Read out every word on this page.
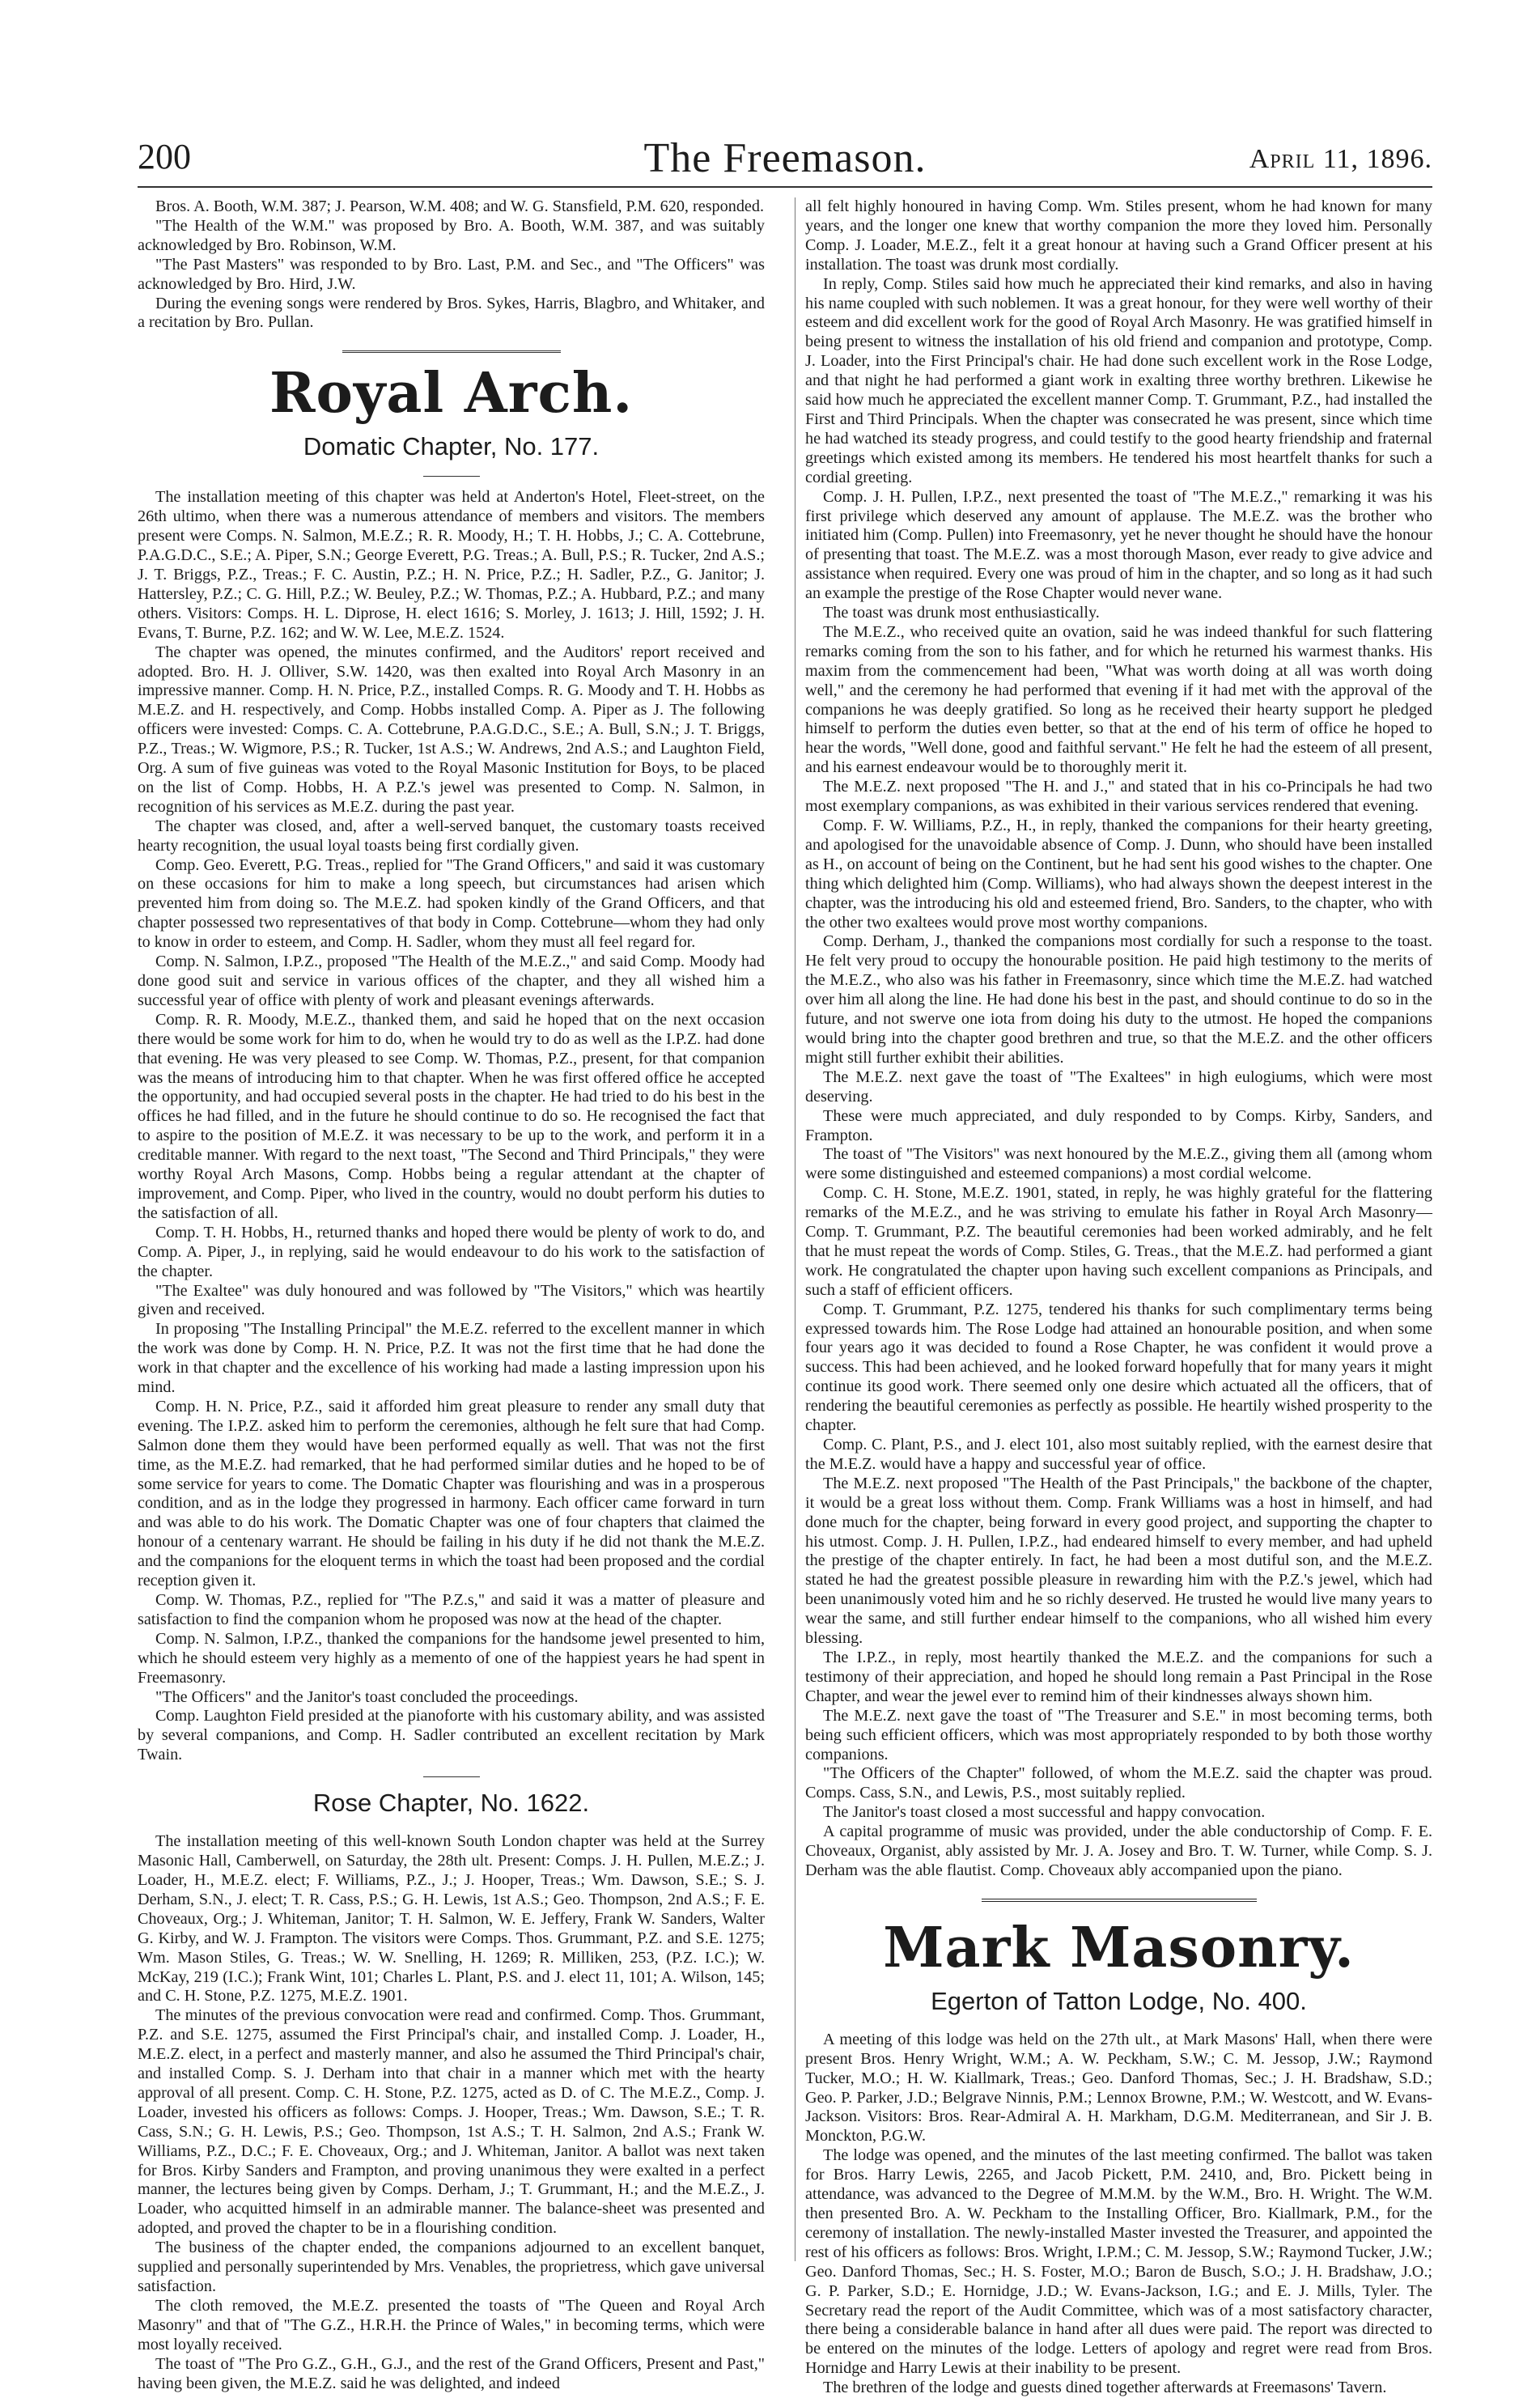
200	The Freemason.	April 11, 1896.

Bros. A. Booth, W.M. 387; J. Pearson, W.M. 408; and W. G. Stansfield, P.M. 620, responded.

"The Health of the W.M." was proposed by Bro. A. Booth, W.M. 387, and was suitably acknowledged by Bro. Robinson, W.M.

"The Past Masters" was responded to by Bro. Last, P.M. and Sec., and "The Officers" was acknowledged by Bro. Hird, J.W.

During the evening songs were rendered by Bros. Sykes, Harris, Blagbro, and Whitaker, and a recitation by Bro. Pullan.

Royal Arch.
Domatic Chapter, No. 177.

The installation meeting of this chapter was held at Anderton's Hotel, Fleet-street, on the 26th ultimo, when there was a numerous attendance of members and visitors. The members present were Comps. N. Salmon, M.E.Z.; R. R. Moody, H.; T. H. Hobbs, J.; C. A. Cottebrune, P.A.G.D.C., S.E.; A. Piper, S.N.; George Everett, P.G. Treas.; A. Bull, P.S.; R. Tucker, 2nd A.S.; J. T. Briggs, P.Z., Treas.; F. C. Austin, P.Z.; H. N. Price, P.Z.; H. Sadler, P.Z., G. Janitor; J. Hattersley, P.Z.; C. G. Hill, P.Z.; W. Beuley, P.Z.; W. Thomas, P.Z.; A. Hubbard, P.Z.; and many others. Visitors: Comps. H. L. Diprose, H. elect 1616; S. Morley, J. 1613; J. Hill, 1592; J. H. Evans, T. Burne, P.Z. 162; and W. W. Lee, M.E.Z. 1524.

The chapter was opened, the minutes confirmed, and the Auditors' report received and adopted. Bro. H. J. Olliver, S.W. 1420, was then exalted into Royal Arch Masonry in an impressive manner. Comp. H. N. Price, P.Z., installed Comps. R. G. Moody and T. H. Hobbs as M.E.Z. and H. respectively, and Comp. Hobbs installed Comp. A. Piper as J. The following officers were invested: Comps. C. A. Cottebrune, P.A.G.D.C., S.E.; A. Bull, S.N.; J. T. Briggs, P.Z., Treas.; W. Wigmore, P.S.; R. Tucker, 1st A.S.; W. Andrews, 2nd A.S.; and Laughton Field, Org. A sum of five guineas was voted to the Royal Masonic Institution for Boys, to be placed on the list of Comp. Hobbs, H. A P.Z.'s jewel was presented to Comp. N. Salmon, in recognition of his services as M.E.Z. during the past year.

The chapter was closed, and, after a well-served banquet, the customary toasts received hearty recognition, the usual loyal toasts being first cordially given.

Comp. Geo. Everett, P.G. Treas., replied for "The Grand Officers," and said it was customary on these occasions for him to make a long speech, but circumstances had arisen which prevented him from doing so. The M.E.Z. had spoken kindly of the Grand Officers, and that chapter possessed two representatives of that body in Comp. Cottebrune—whom they had only to know in order to esteem, and Comp. H. Sadler, whom they must all feel regard for.

Comp. N. Salmon, I.P.Z., proposed "The Health of the M.E.Z.," and said Comp. Moody had done good suit and service in various offices of the chapter, and they all wished him a successful year of office with plenty of work and pleasant evenings afterwards.

Comp. R. R. Moody, M.E.Z., thanked them, and said he hoped that on the next occasion there would be some work for him to do, when he would try to do as well as the I.P.Z. had done that evening. He was very pleased to see Comp. W. Thomas, P.Z., present, for that companion was the means of introducing him to that chapter. When he was first offered office he accepted the opportunity, and had occupied several posts in the chapter. He had tried to do his best in the offices he had filled, and in the future he should continue to do so. He recognised the fact that to aspire to the position of M.E.Z. it was necessary to be up to the work, and perform it in a creditable manner. With regard to the next toast, "The Second and Third Principals," they were worthy Royal Arch Masons, Comp. Hobbs being a regular attendant at the chapter of improvement, and Comp. Piper, who lived in the country, would no doubt perform his duties to the satisfaction of all.

Comp. T. H. Hobbs, H., returned thanks and hoped there would be plenty of work to do, and Comp. A. Piper, J., in replying, said he would endeavour to do his work to the satisfaction of the chapter.

"The Exaltee" was duly honoured and was followed by "The Visitors," which was heartily given and received.

In proposing "The Installing Principal" the M.E.Z. referred to the excellent manner in which the work was done by Comp. H. N. Price, P.Z. It was not the first time that he had done the work in that chapter and the excellence of his working had made a lasting impression upon his mind.

Comp. H. N. Price, P.Z., said it afforded him great pleasure to render any small duty that evening. The I.P.Z. asked him to perform the ceremonies, although he felt sure that had Comp. Salmon done them they would have been performed equally as well. That was not the first time, as the M.E.Z. had remarked, that he had performed similar duties and he hoped to be of some service for years to come. The Domatic Chapter was flourishing and was in a prosperous condition, and as in the lodge they progressed in harmony. Each officer came forward in turn and was able to do his work. The Domatic Chapter was one of four chapters that claimed the honour of a centenary warrant. He should be failing in his duty if he did not thank the M.E.Z. and the companions for the eloquent terms in which the toast had been proposed and the cordial reception given it.

Comp. W. Thomas, P.Z., replied for "The P.Z.s," and said it was a matter of pleasure and satisfaction to find the companion whom he proposed was now at the head of the chapter.

Comp. N. Salmon, I.P.Z., thanked the companions for the handsome jewel presented to him, which he should esteem very highly as a memento of one of the happiest years he had spent in Freemasonry.

"The Officers" and the Janitor's toast concluded the proceedings.

Comp. Laughton Field presided at the pianoforte with his customary ability, and was assisted by several companions, and Comp. H. Sadler contributed an excellent recitation by Mark Twain.

Rose Chapter, No. 1622.

The installation meeting of this well-known South London chapter was held at the Surrey Masonic Hall, Camberwell, on Saturday, the 28th ult. Present: Comps. J. H. Pullen, M.E.Z.; J. Loader, H., M.E.Z. elect; F. Williams, P.Z., J.; J. Hooper, Treas.; Wm. Dawson, S.E.; S. J. Derham, S.N., J. elect; T. R. Cass, P.S.; G. H. Lewis, 1st A.S.; Geo. Thompson, 2nd A.S.; F. E. Choveaux, Org.; J. Whiteman, Janitor; T. H. Salmon, W. E. Jeffery, Frank W. Sanders, Walter G. Kirby, and W. J. Frampton. The visitors were Comps. Thos. Grummant, P.Z. and S.E. 1275; Wm. Mason Stiles, G. Treas.; W. W. Snelling, H. 1269; R. Milliken, 253, (P.Z. I.C.); W. McKay, 219 (I.C.); Frank Wint, 101; Charles L. Plant, P.S. and J. elect 11, 101; A. Wilson, 145; and C. H. Stone, P.Z. 1275, M.E.Z. 1901.

The minutes of the previous convocation were read and confirmed. Comp. Thos. Grummant, P.Z. and S.E. 1275, assumed the First Principal's chair, and installed Comp. J. Loader, H., M.E.Z. elect, in a perfect and masterly manner, and also he assumed the Third Principal's chair, and installed Comp. S. J. Derham into that chair in a manner which met with the hearty approval of all present. Comp. C. H. Stone, P.Z. 1275, acted as D. of C. The M.E.Z., Comp. J. Loader, invested his officers as follows: Comps. J. Hooper, Treas.; Wm. Dawson, S.E.; T. R. Cass, S.N.; G. H. Lewis, P.S.; Geo. Thompson, 1st A.S.; T. H. Salmon, 2nd A.S.; Frank W. Williams, P.Z., D.C.; F. E. Choveaux, Org.; and J. Whiteman, Janitor. A ballot was next taken for Bros. Kirby Sanders and Frampton, and proving unanimous they were exalted in a perfect manner, the lectures being given by Comps. Derham, J.; T. Grummant, H.; and the M.E.Z., J. Loader, who acquitted himself in an admirable manner. The balance-sheet was presented and adopted, and proved the chapter to be in a flourishing condition.

The business of the chapter ended, the companions adjourned to an excellent banquet, supplied and personally superintended by Mrs. Venables, the proprietress, which gave universal satisfaction.

The cloth removed, the M.E.Z. presented the toasts of "The Queen and Royal Arch Masonry" and that of "The G.Z., H.R.H. the Prince of Wales," in becoming terms, which were most loyally received.

The toast of "The Pro G.Z., G.H., G.J., and the rest of the Grand Officers, Present and Past," having been given, the M.E.Z. said he was delighted, and indeed

all felt highly honoured in having Comp. Wm. Stiles present, whom he had known for many years, and the longer one knew that worthy companion the more they loved him. Personally Comp. J. Loader, M.E.Z., felt it a great honour at having such a Grand Officer present at his installation. The toast was drunk most cordially.

In reply, Comp. Stiles said how much he appreciated their kind remarks, and also in having his name coupled with such noblemen. It was a great honour, for they were well worthy of their esteem and did excellent work for the good of Royal Arch Masonry. He was gratified himself in being present to witness the installation of his old friend and companion and prototype, Comp. J. Loader, into the First Principal's chair. He had done such excellent work in the Rose Lodge, and that night he had performed a giant work in exalting three worthy brethren. Likewise he said how much he appreciated the excellent manner Comp. T. Grummant, P.Z., had installed the First and Third Principals. When the chapter was consecrated he was present, since which time he had watched its steady progress, and could testify to the good hearty friendship and fraternal greetings which existed among its members. He tendered his most heartfelt thanks for such a cordial greeting.

Comp. J. H. Pullen, I.P.Z., next presented the toast of "The M.E.Z.," remarking it was his first privilege which deserved any amount of applause. The M.E.Z. was the brother who initiated him (Comp. Pullen) into Freemasonry, yet he never thought he should have the honour of presenting that toast. The M.E.Z. was a most thorough Mason, ever ready to give advice and assistance when required. Every one was proud of him in the chapter, and so long as it had such an example the prestige of the Rose Chapter would never wane.

The toast was drunk most enthusiastically.

The M.E.Z., who received quite an ovation, said he was indeed thankful for such flattering remarks coming from the son to his father, and for which he returned his warmest thanks. His maxim from the commencement had been, "What was worth doing at all was worth doing well," and the ceremony he had performed that evening if it had met with the approval of the companions he was deeply gratified. So long as he received their hearty support he pledged himself to perform the duties even better, so that at the end of his term of office he hoped to hear the words, "Well done, good and faithful servant." He felt he had the esteem of all present, and his earnest endeavour would be to thoroughly merit it.

The M.E.Z. next proposed "The H. and J.," and stated that in his co-Principals he had two most exemplary companions, as was exhibited in their various services rendered that evening.

Comp. F. W. Williams, P.Z., H., in reply, thanked the companions for their hearty greeting, and apologised for the unavoidable absence of Comp. J. Dunn, who should have been installed as H., on account of being on the Continent, but he had sent his good wishes to the chapter. One thing which delighted him (Comp. Williams), who had always shown the deepest interest in the chapter, was the introducing his old and esteemed friend, Bro. Sanders, to the chapter, who with the other two exaltees would prove most worthy companions.

Comp. Derham, J., thanked the companions most cordially for such a response to the toast. He felt very proud to occupy the honourable position. He paid high testimony to the merits of the M.E.Z., who also was his father in Freemasonry, since which time the M.E.Z. had watched over him all along the line. He had done his best in the past, and should continue to do so in the future, and not swerve one iota from doing his duty to the utmost. He hoped the companions would bring into the chapter good brethren and true, so that the M.E.Z. and the other officers might still further exhibit their abilities.

The M.E.Z. next gave the toast of "The Exaltees" in high eulogiums, which were most deserving.

These were much appreciated, and duly responded to by Comps. Kirby, Sanders, and Frampton.

The toast of "The Visitors" was next honoured by the M.E.Z., giving them all (among whom were some distinguished and esteemed companions) a most cordial welcome.

Comp. C. H. Stone, M.E.Z. 1901, stated, in reply, he was highly grateful for the flattering remarks of the M.E.Z., and he was striving to emulate his father in Royal Arch Masonry—Comp. T. Grummant, P.Z. The beautiful ceremonies had been worked admirably, and he felt that he must repeat the words of Comp. Stiles, G. Treas., that the M.E.Z. had performed a giant work. He congratulated the chapter upon having such excellent companions as Principals, and such a staff of efficient officers.

Comp. T. Grummant, P.Z. 1275, tendered his thanks for such complimentary terms being expressed towards him. The Rose Lodge had attained an honourable position, and when some four years ago it was decided to found a Rose Chapter, he was confident it would prove a success. This had been achieved, and he looked forward hopefully that for many years it might continue its good work. There seemed only one desire which actuated all the officers, that of rendering the beautiful ceremonies as perfectly as possible. He heartily wished prosperity to the chapter.

Comp. C. Plant, P.S., and J. elect 101, also most suitably replied, with the earnest desire that the M.E.Z. would have a happy and successful year of office.

The M.E.Z. next proposed "The Health of the Past Principals," the backbone of the chapter, it would be a great loss without them. Comp. Frank Williams was a host in himself, and had done much for the chapter, being forward in every good project, and supporting the chapter to his utmost. Comp. J. H. Pullen, I.P.Z., had endeared himself to every member, and had upheld the prestige of the chapter entirely. In fact, he had been a most dutiful son, and the M.E.Z. stated he had the greatest possible pleasure in rewarding him with the P.Z.'s jewel, which had been unanimously voted him and he so richly deserved. He trusted he would live many years to wear the same, and still further endear himself to the companions, who all wished him every blessing.

The I.P.Z., in reply, most heartily thanked the M.E.Z. and the companions for such a testimony of their appreciation, and hoped he should long remain a Past Principal in the Rose Chapter, and wear the jewel ever to remind him of their kindnesses always shown him.

The M.E.Z. next gave the toast of "The Treasurer and S.E." in most becoming terms, both being such efficient officers, which was most appropriately responded to by both those worthy companions.

"The Officers of the Chapter" followed, of whom the M.E.Z. said the chapter was proud. Comps. Cass, S.N., and Lewis, P.S., most suitably replied.

The Janitor's toast closed a most successful and happy convocation.

A capital programme of music was provided, under the able conductorship of Comp. F. E. Choveaux, Organist, ably assisted by Mr. J. A. Josey and Bro. T. W. Turner, while Comp. S. J. Derham was the able flautist. Comp. Choveaux ably accompanied upon the piano.

Mark Masonry.
Egerton of Tatton Lodge, No. 400.

A meeting of this lodge was held on the 27th ult., at Mark Masons' Hall, when there were present Bros. Henry Wright, W.M.; A. W. Peckham, S.W.; C. M. Jessop, J.W.; Raymond Tucker, M.O.; H. W. Kiallmark, Treas.; Geo. Danford Thomas, Sec.; J. H. Bradshaw, S.D.; Geo. P. Parker, J.D.; Belgrave Ninnis, P.M.; Lennox Browne, P.M.; W. Westcott, and W. Evans-Jackson. Visitors: Bros. Rear-Admiral A. H. Markham, D.G.M. Mediterranean, and Sir J. B. Monckton, P.G.W.

The lodge was opened, and the minutes of the last meeting confirmed. The ballot was taken for Bros. Harry Lewis, 2265, and Jacob Pickett, P.M. 2410, and, Bro. Pickett being in attendance, was advanced to the Degree of M.M.M. by the W.M., Bro. H. Wright. The W.M. then presented Bro. A. W. Peckham to the Installing Officer, Bro. Kiallmark, P.M., for the ceremony of installation. The newly-installed Master invested the Treasurer, and appointed the rest of his officers as follows: Bros. Wright, I.P.M.; C. M. Jessop, S.W.; Raymond Tucker, J.W.; Geo. Danford Thomas, Sec.; H. S. Foster, M.O.; Baron de Busch, S.O.; J. H. Bradshaw, J.O.; G. P. Parker, S.D.; E. Hornidge, J.D.; W. Evans-Jackson, I.G.; and E. J. Mills, Tyler. The Secretary read the report of the Audit Committee, which was of a most satisfactory character, there being a considerable balance in hand after all dues were paid. The report was directed to be entered on the minutes of the lodge. Letters of apology and regret were read from Bros. Hornidge and Harry Lewis at their inability to be present.

The brethren of the lodge and guests dined together afterwards at Freemasons' Tavern.
